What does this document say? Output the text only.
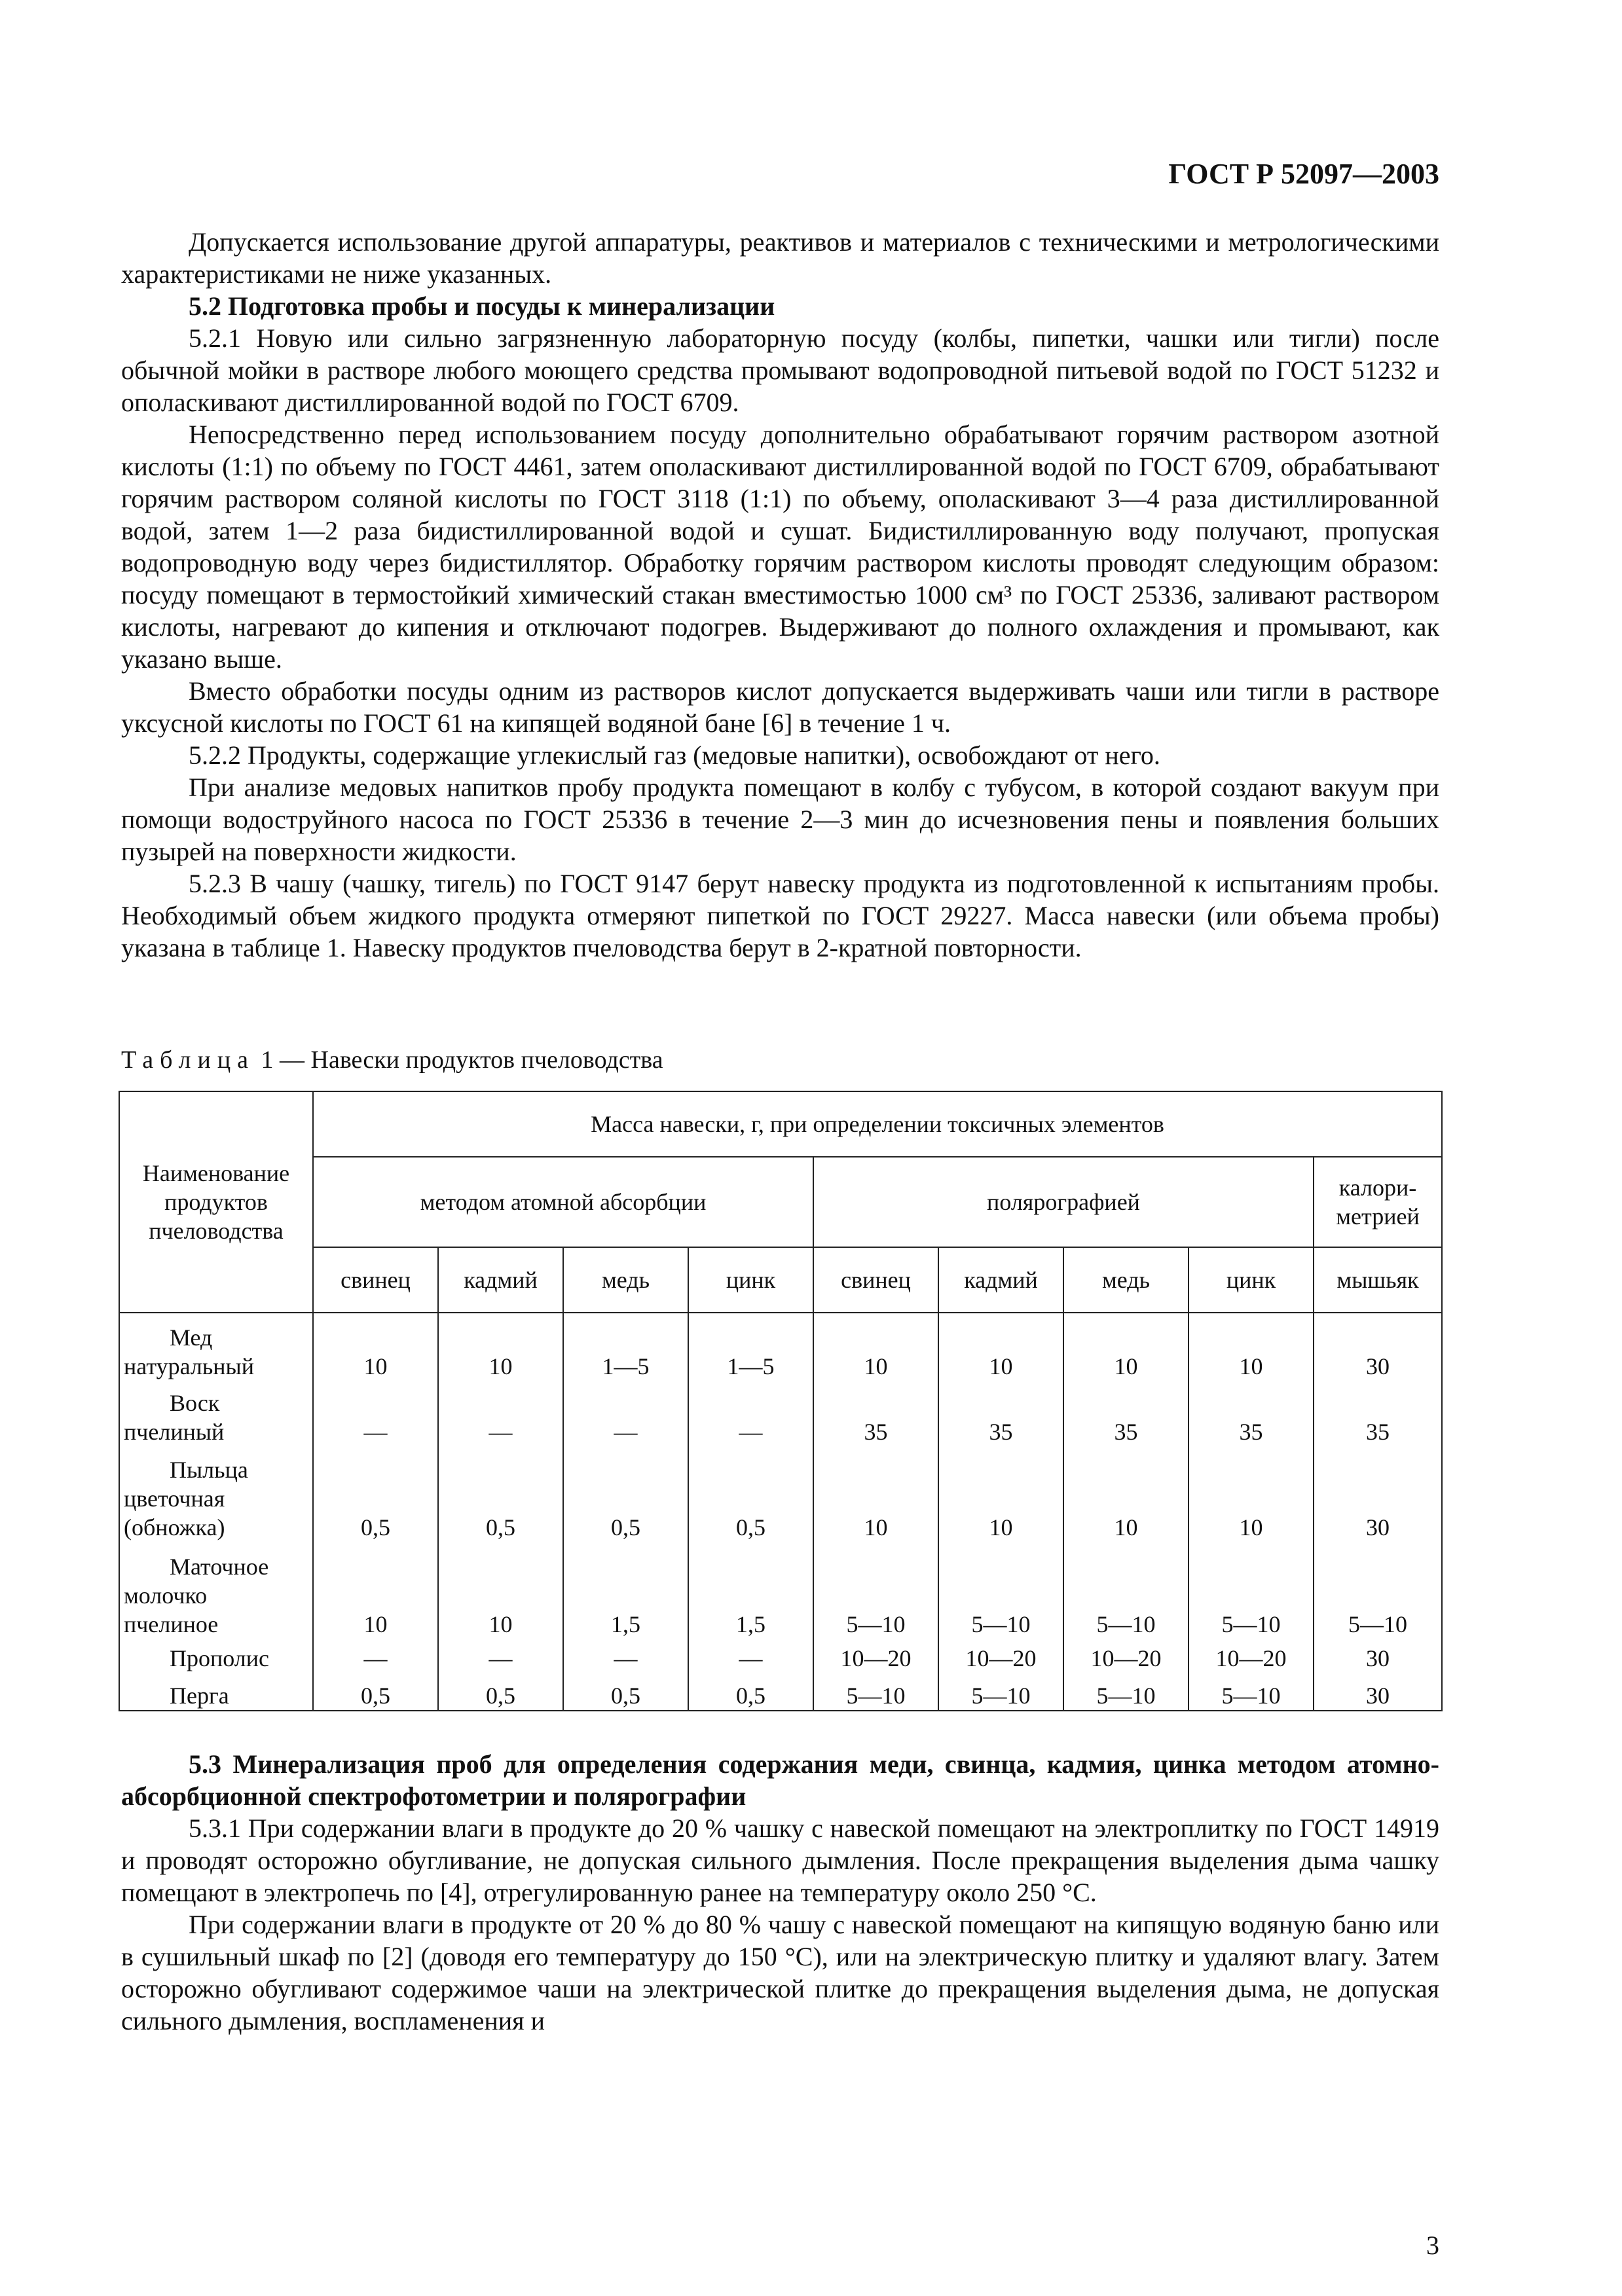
ГОСТ Р 52097—2003

Допускается использование другой аппаратуры, реактивов и материалов с техническими и метрологическими характеристиками не ниже указанных.

5.2 Подготовка пробы и посуды к минерализации

5.2.1 Новую или сильно загрязненную лабораторную посуду (колбы, пипетки, чашки или тигли) после обычной мойки в растворе любого моющего средства промывают водопроводной питьевой водой по ГОСТ 51232 и ополаскивают дистиллированной водой по ГОСТ 6709.

Непосредственно перед использованием посуду дополнительно обрабатывают горячим раствором азотной кислоты (1:1) по объему по ГОСТ 4461, затем ополаскивают дистиллированной водой по ГОСТ 6709, обрабатывают горячим раствором соляной кислоты по ГОСТ 3118 (1:1) по объему, ополаскивают 3—4 раза дистиллированной водой, затем 1—2 раза бидистиллированной водой и сушат. Бидистиллированную воду получают, пропуская водопроводную воду через бидистиллятор. Обработку горячим раствором кислоты проводят следующим образом: посуду помещают в термостойкий химический стакан вместимостью 1000 см³ по ГОСТ 25336, заливают раствором кислоты, нагревают до кипения и отключают подогрев. Выдерживают до полного охлаждения и промывают, как указано выше.

Вместо обработки посуды одним из растворов кислот допускается выдерживать чаши или тигли в растворе уксусной кислоты по ГОСТ 61 на кипящей водяной бане [6] в течение 1 ч.

5.2.2 Продукты, содержащие углекислый газ (медовые напитки), освобождают от него.

При анализе медовых напитков пробу продукта помещают в колбу с тубусом, в которой создают вакуум при помощи водоструйного насоса по ГОСТ 25336 в течение 2—3 мин до исчезновения пены и появления больших пузырей на поверхности жидкости.

5.2.3 В чашу (чашку, тигель) по ГОСТ 9147 берут навеску продукта из подготовленной к испытаниям пробы. Необходимый объем жидкого продукта отмеряют пипеткой по ГОСТ 29227. Масса навески (или объема пробы) указана в таблице 1. Навеску продуктов пчеловодства берут в 2-кратной повторности.

Таблица 1 — Навески продуктов пчеловодства
Наименование продуктов пчеловодства	Масса навески, г, при определении токсичных элементов								
	методом атомной абсорбции				полярографией				калори-метрией
	свинец	кадмий	медь	цинк	свинец	кадмий	медь	цинк	мышьяк

Мед
натуральный	10	10	1—5	1—5	10	10	10	10	30

Воск
пчелиный	—	—	—	—	35	35	35	35	35

Пыльца
цветочная
(обножка)	0,5	0,5	0,5	0,5	10	10	10	10	30

Маточное
молочко
пчелиное	10	10	1,5	1,5	5—10	5—10	5—10	5—10	5—10

Прополис	—	—	—	—	10—20	10—20	10—20	10—20	30

Перга	0,5	0,5	0,5	0,5	5—10	5—10	5—10	5—10	30

5.3 Минерализация проб для определения содержания меди, свинца, кадмия, цинка методом атомно-абсорбционной спектрофотометрии и полярографии

5.3.1 При содержании влаги в продукте до 20 % чашку с навеской помещают на электроплитку по ГОСТ 14919 и проводят осторожно обугливание, не допуская сильного дымления. После прекращения выделения дыма чашку помещают в электропечь по [4], отрегулированную ранее на температуру около 250 °С.

При содержании влаги в продукте от 20 % до 80 % чашу с навеской помещают на кипящую водяную баню или в сушильный шкаф по [2] (доводя его температуру до 150 °С), или на электрическую плитку и удаляют влагу. Затем осторожно обугливают содержимое чаши на электрической плитке до прекращения выделения дыма, не допуская сильного дымления, воспламенения и

3
